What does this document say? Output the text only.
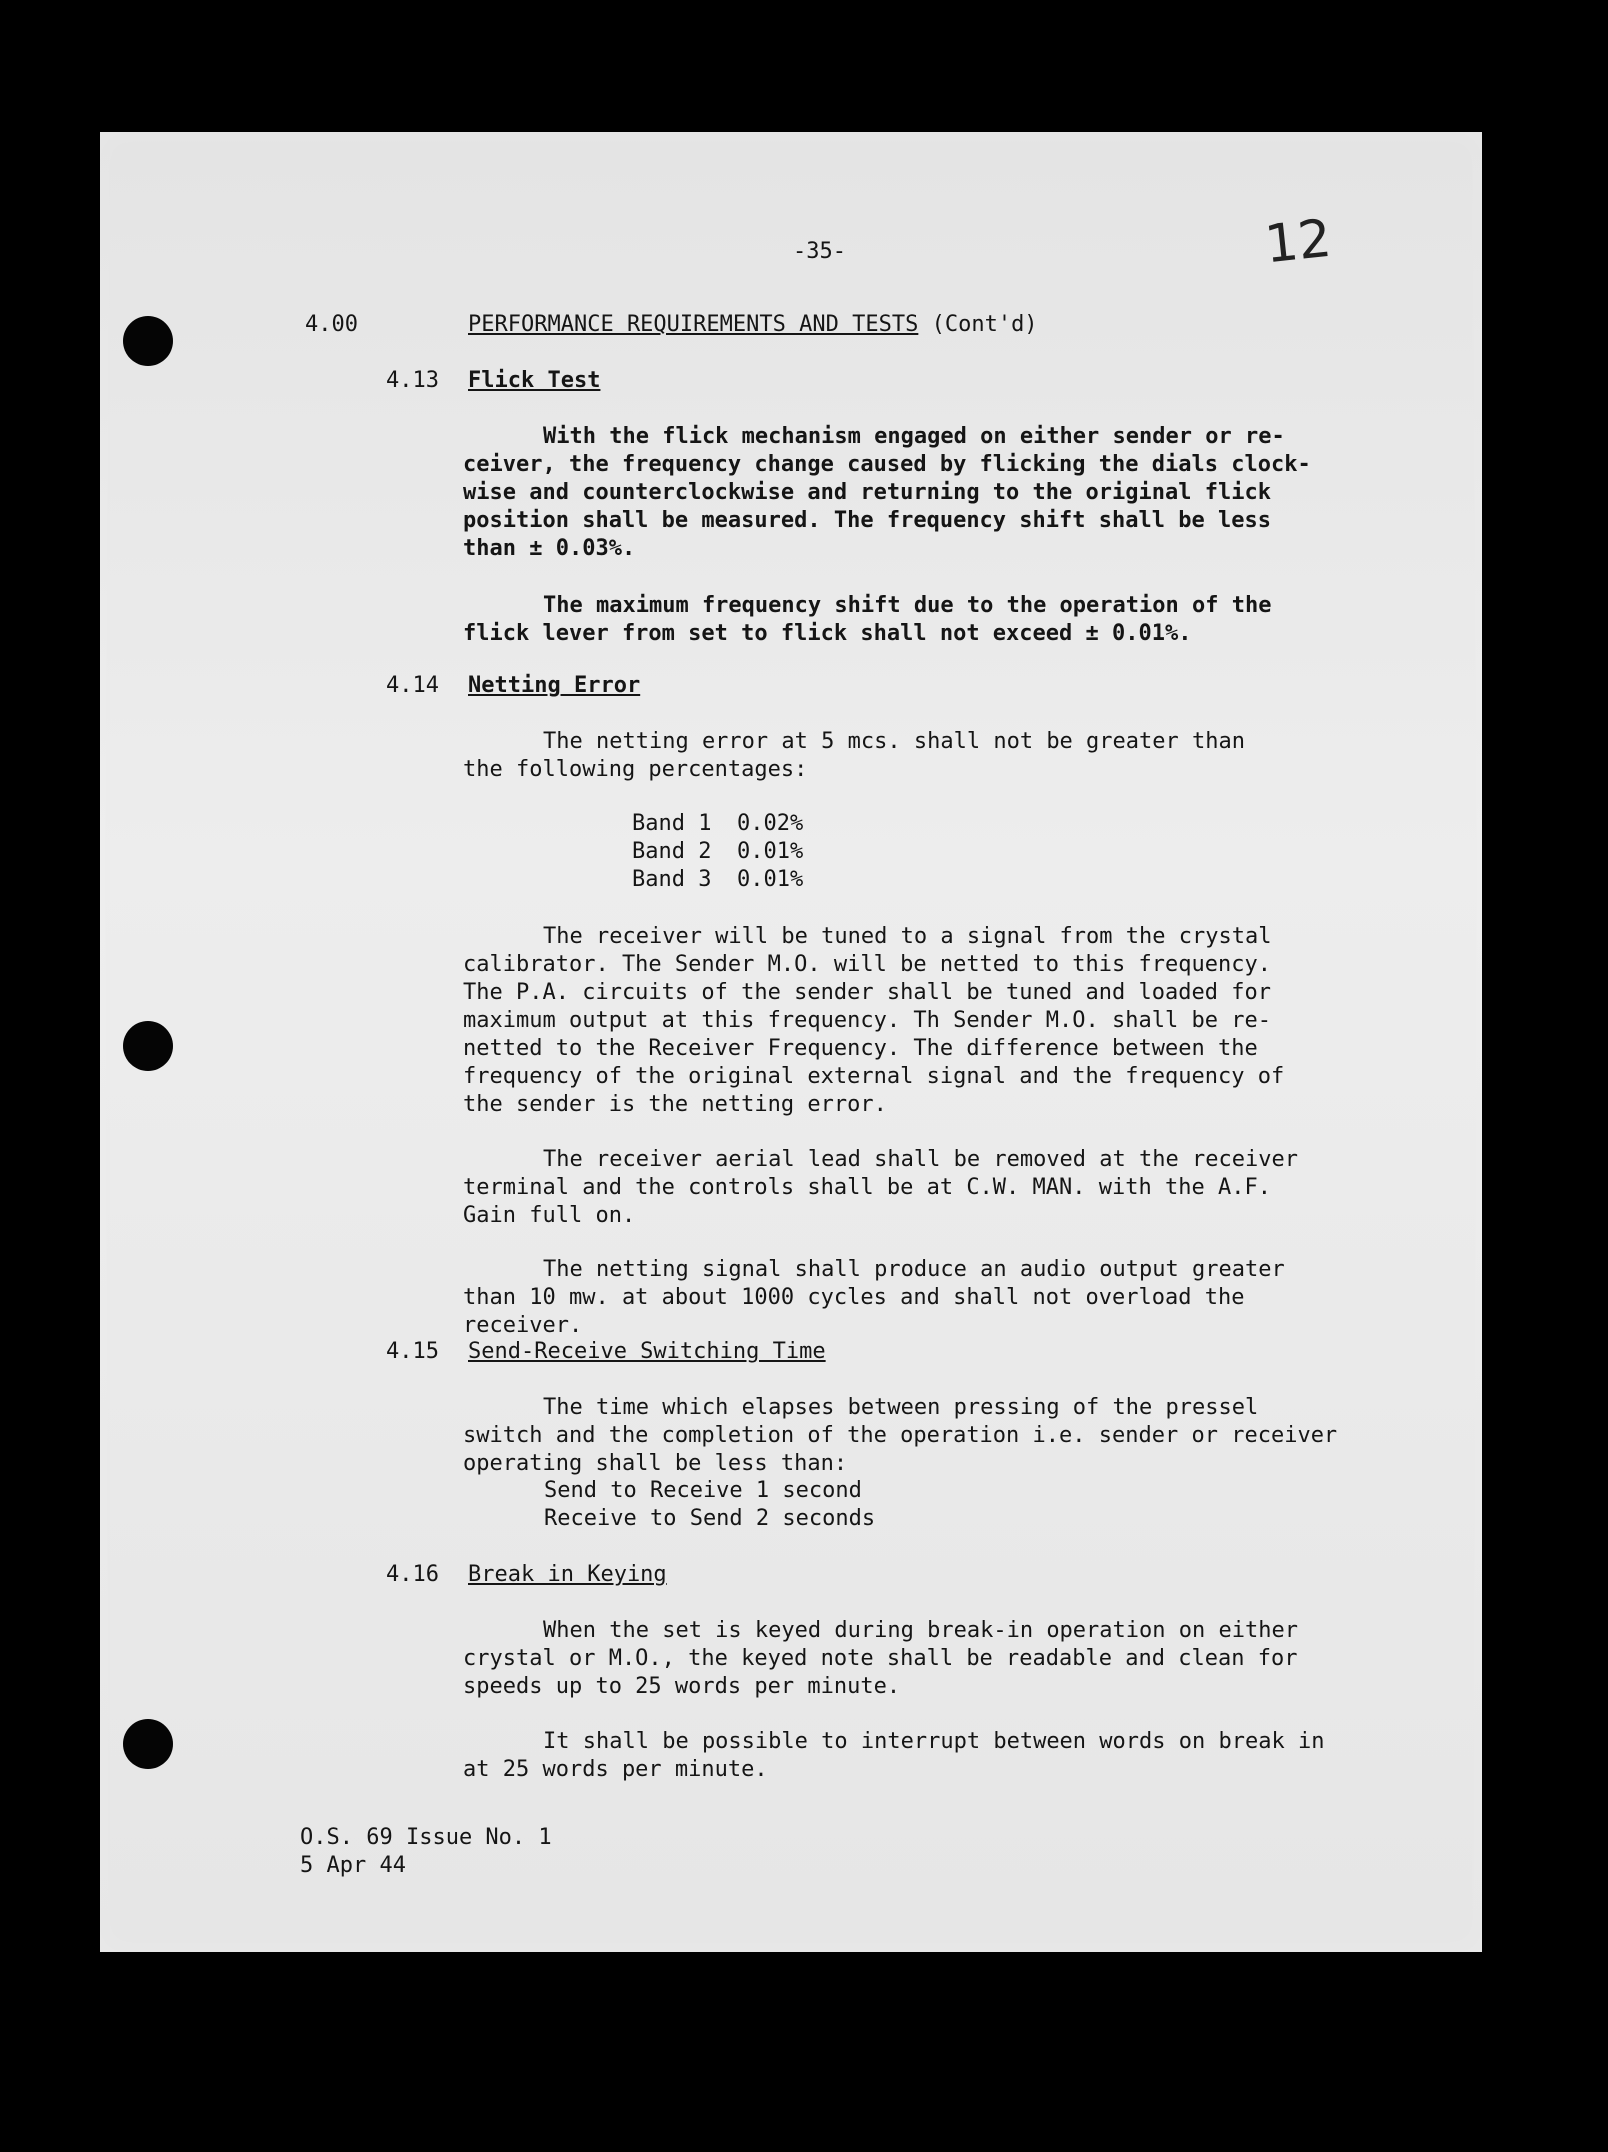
-35-	12
4.00	PERFORMANCE REQUIREMENTS AND TESTS (Cont'd)
4.13 Flick Test
With the flick mechanism engaged on either sender or re-
ceiver, the frequency change caused by flicking the dials clock-
wise and counterclockwise and returning to the original flick
position shall be measured. The frequency shift shall be less
than ± 0.03%.
The maximum frequency shift due to the operation of the
flick lever from set to flick shall not exceed ± 0.01%.
4.14 Netting Error
The netting error at 5 mcs. shall not be greater than
the following percentages:
Band 1 0.02%
Band 2 0.01%
Band 3 0.01%
The receiver will be tuned to a signal from the crystal
calibrator. The Sender M.O. will be netted to this frequency.
The P.A. circuits of the sender shall be tuned and loaded for
maximum output at this frequency. Th Sender M.O. shall be re-
netted to the Receiver Frequency. The difference between the
frequency of the original external signal and the frequency of
the sender is the netting error.
The receiver aerial lead shall be removed at the receiver
terminal and the controls shall be at C.W. MAN. with the A.F.
Gain full on.
The netting signal shall produce an audio output greater
than 10 mw. at about 1000 cycles and shall not overload the receiver.
4.15 Send-Receive Switching Time
The time which elapses between pressing of the pressel
switch and the completion of the operation i.e. sender or receiver
operating shall be less than:
Send to Receive 1 second
Receive to Send 2 seconds
4.16 Break in Keying
When the set is keyed during break-in operation on either
crystal or M.O., the keyed note shall be readable and clean for
speeds up to 25 words per minute.
It shall be possible to interrupt between words on break in
at 25 words per minute.
O.S. 69 Issue No. 1
5 Apr 44
